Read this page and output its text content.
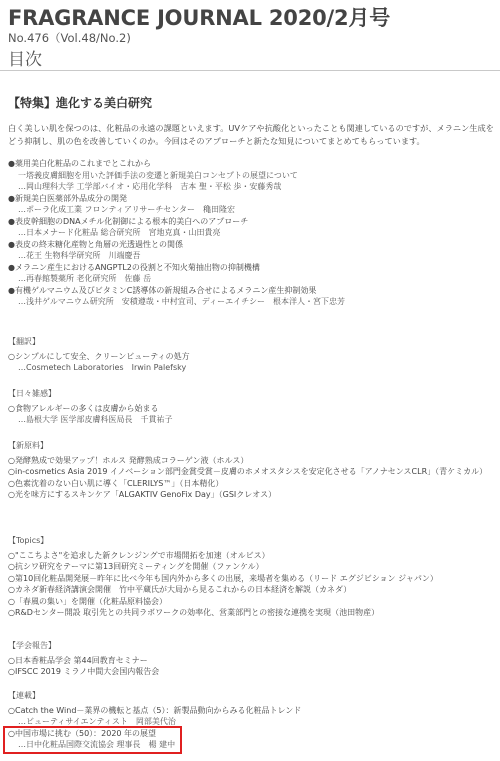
FRAGRANCE JOURNAL 2020/2月号
No.476（Vol.48/No.2)
目次
【特集】進化する美白研究
白く美しい肌を保つのは、化粧品の永遠の課題といえます。UVケアや抗酸化といったことも関連しているのですが、メラニン生成をどう抑制し、肌の色を改善していくのか。今回はそのアプローチと新たな知見についてまとめてもらっています。
●薬用美白化粧品のこれまでとこれから
一塔義皮膚細胞を用いた評価手法の変遷と新規美白コンセプトの展望について
…岡山理科大学 工学部バイオ・応用化学科　吉本 聖・平松 歩・安藤秀哉
●新規美白医薬部外品成分の開発
…ポーラ化成工業 フロンティアリサーチセンター　穐田隆宏
●表皮幹細胞のDNAメチル化制御による根本的美白へのアプローチ
…日本メナード化粧品 総合研究所　宮地克真・山田貴亮
●表皮の終末糖化産物と角層の光透過性との関係
…花王 生物科学研究所　川端慶吾
●メラニン産生におけるANGPTL2の役割と不知火菊抽出物の抑制機構
…再春館製薬所 老化研究所　佐藤 岳
●有機ゲルマニウム及びビタミンC誘導体の新規組み合せによるメラニン産生抑制効果
…浅井ゲルマニウム研究所　安積遵哉・中村宜司、ディーエイチシー　根本洋人・宮下忠芳
【翻訳】
○シンプルにして安全、クリーンビューティの処方
…Cosmetech Laboratories　Irwin Palefsky
【日々雑感】
○食物アレルギーの多くは皮膚から始まる
…島根大学 医学部皮膚科医局長　千貫祐子
【新原料】
○発酵熟成で効果アップ！ホルス 発酵熟成コラーゲン液（ホルス）
○in-cosmetics Asia 2019 イノベーション部門金賞受賞－皮膚のホメオスタシスを安定化させる「アノナセンスCLR」（青ケミカル）
○色素沈着のない白い肌に導く「CLERILYS™」（日本精化）
○光を味方にするスキンケア「ALGAKTIV GenoFix Day」（GSIクレオス）
【Topics】
○"ここちよさ"を追求した新クレンジングで市場開拓を加速（オルビス）
○抗シワ研究をテーマに第13回研究ミーティングを開催（ファンケル）
○第10回化粧品開発展－昨年に比べ今年も国内外から多くの出展，来場者を集める（リード エグジビション ジャパン）
○カネダ新春経済講演会開催　竹中平蔵氏が大局から見るこれからの日本経済を解説（カネダ）
○「春風の集い」を開催（化粧品原料協会）
○R&Dセンター開設 取引先との共同ラボワークの効率化、営業部門との密接な連携を実現（池田物産）
【学会報告】
○日本香粧品学会 第44回教育セミナー
○IFSCC 2019 ミラノ中間大会国内報告会
【連載】
○Catch the Wind－業界の機転と基点（5）：新製品動向からみる化粧品トレンド
…ビューティサイエンティスト　岡部美代治
○中国市場に挑む（50）：2020 年の展望
…日中化粧品国際交流協会 理事長　楊 建中
